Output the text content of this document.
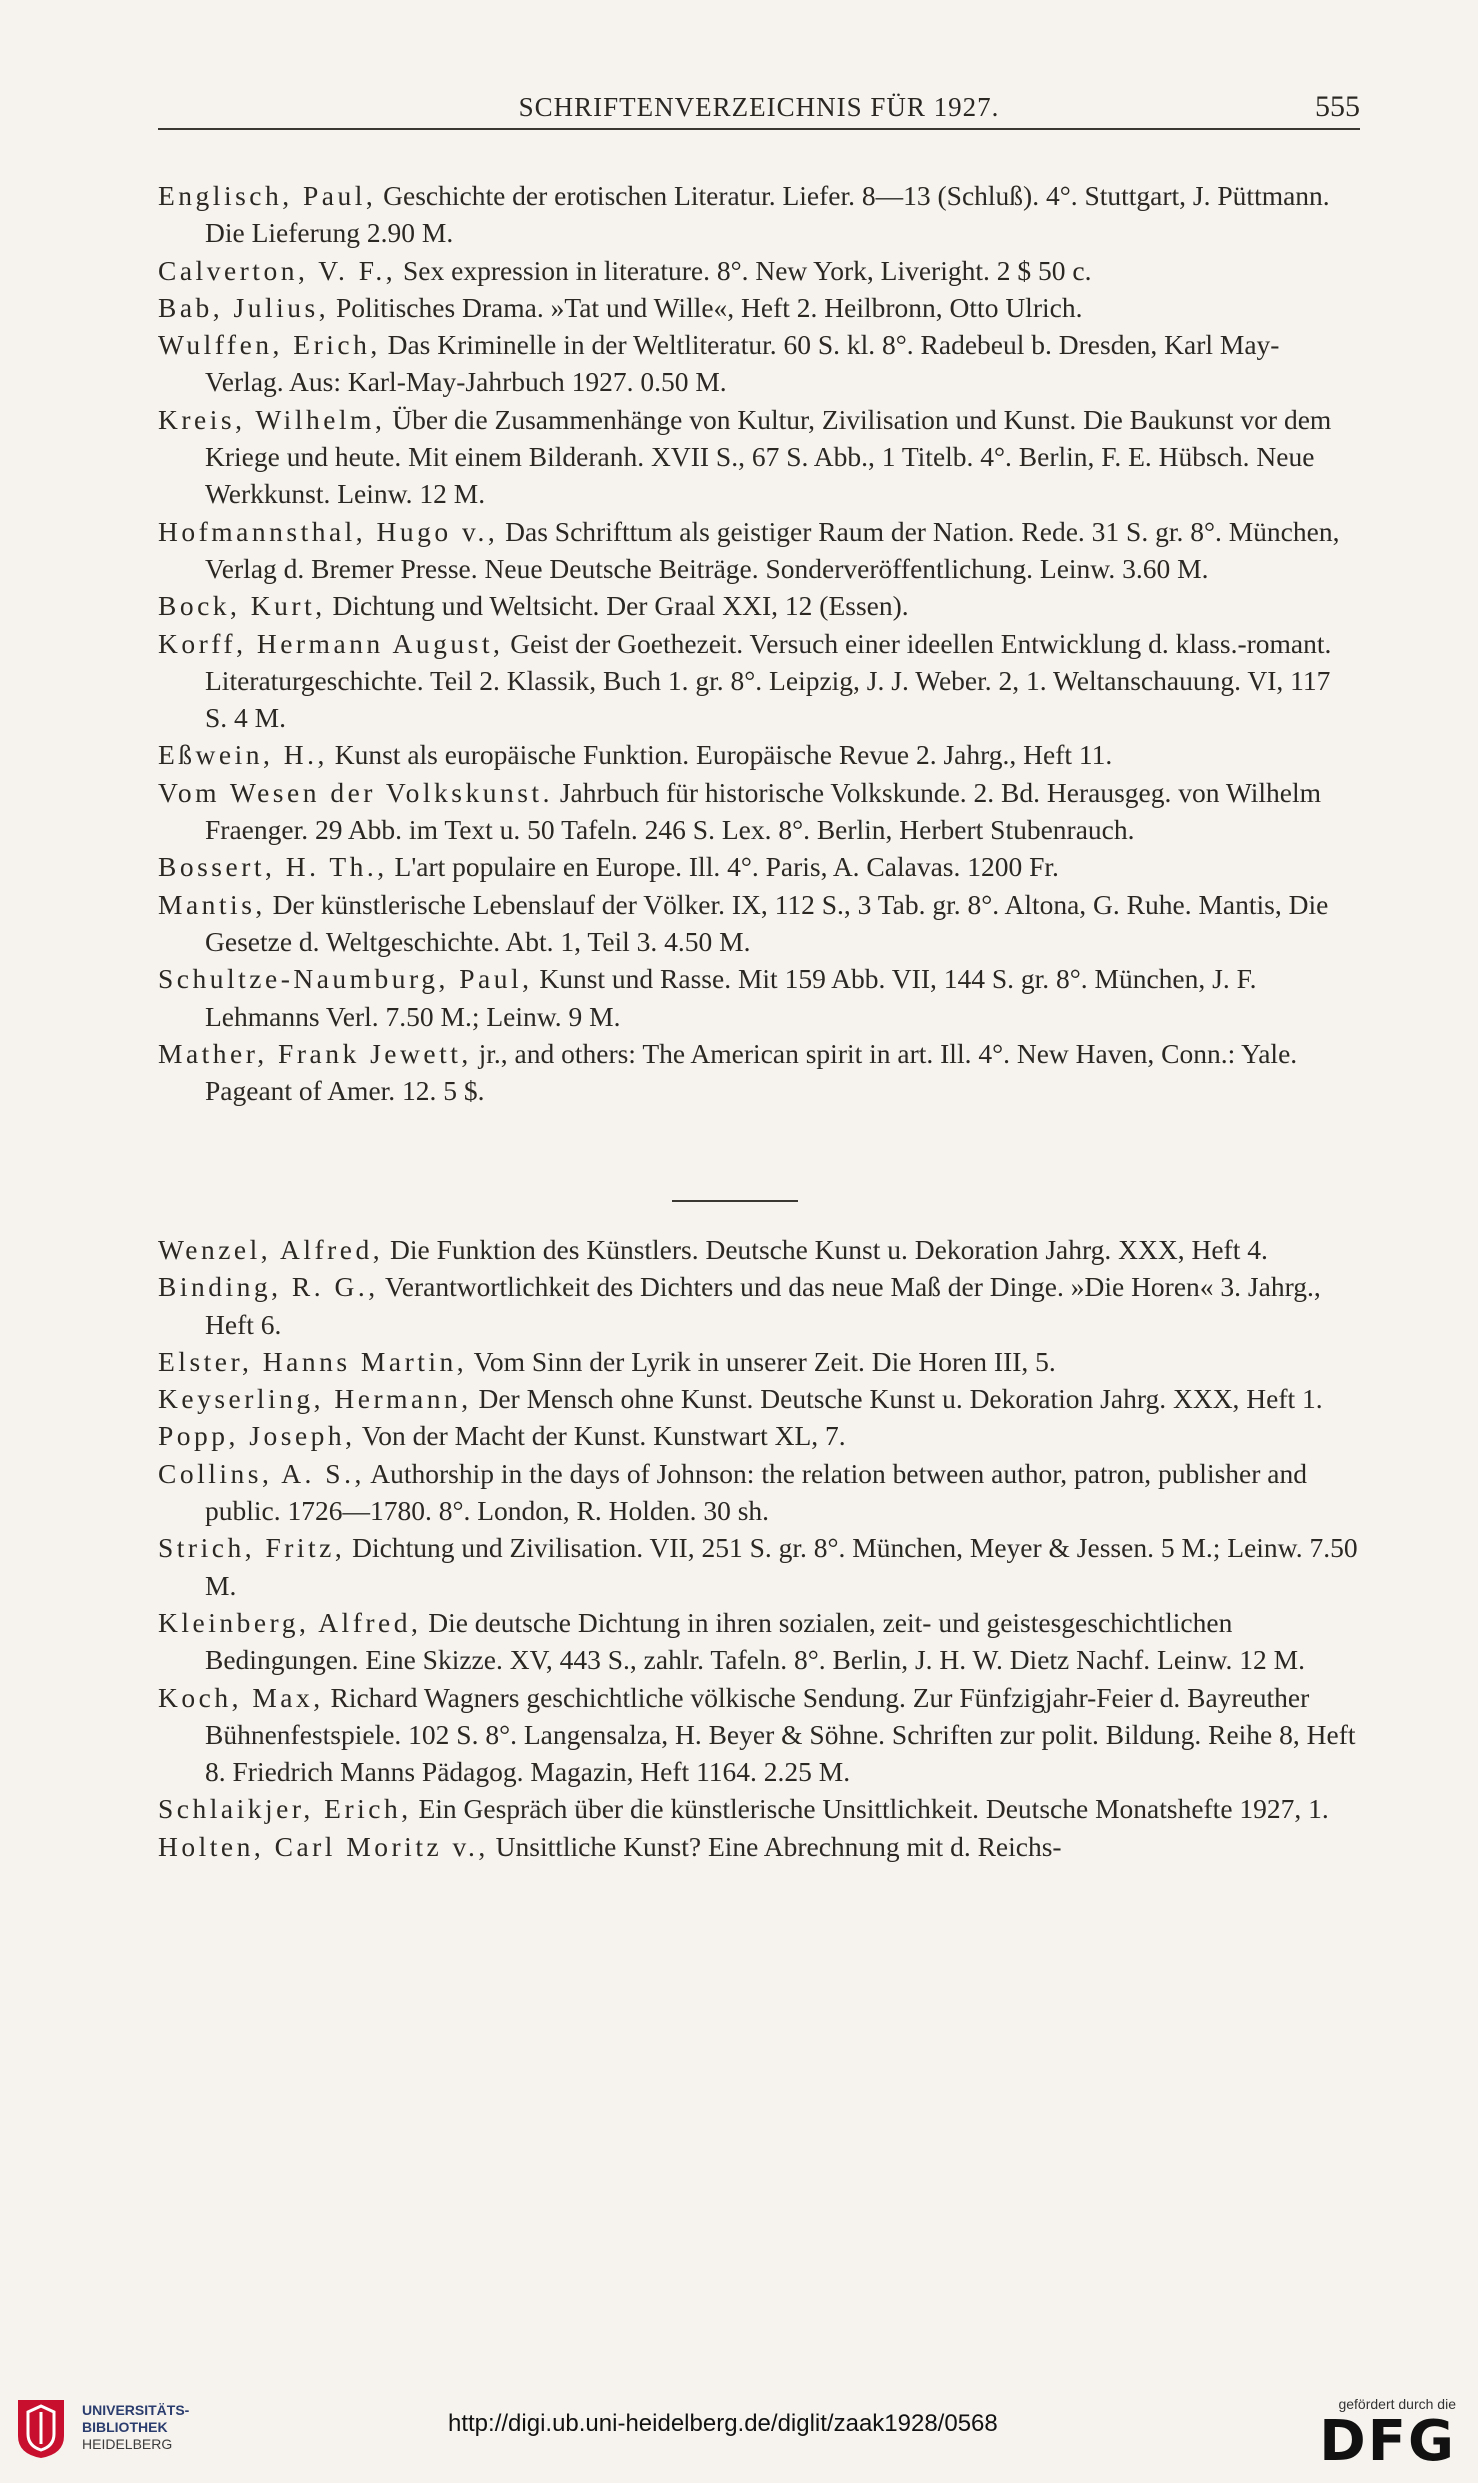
SCHRIFTENVERZEICHNIS FÜR 1927.	555
Englisch, Paul, Geschichte der erotischen Literatur. Liefer. 8—13 (Schluß). 4°. Stuttgart, J. Püttmann. Die Lieferung 2.90 M.
Calverton, V. F., Sex expression in literature. 8°. New York, Liveright. 2 $ 50 c.
Bab, Julius, Politisches Drama. »Tat und Wille«, Heft 2. Heilbronn, Otto Ulrich.
Wulffen, Erich, Das Kriminelle in der Weltliteratur. 60 S. kl. 8°. Radebeul b. Dresden, Karl May-Verlag. Aus: Karl-May-Jahrbuch 1927. 0.50 M.
Kreis, Wilhelm, Über die Zusammenhänge von Kultur, Zivilisation und Kunst. Die Baukunst vor dem Kriege und heute. Mit einem Bilderanh. XVII S., 67 S. Abb., 1 Titelb. 4°. Berlin, F. E. Hübsch. Neue Werkkunst. Leinw. 12 M.
Hofmannsthal, Hugo v., Das Schrifttum als geistiger Raum der Nation. Rede. 31 S. gr. 8°. München, Verlag d. Bremer Presse. Neue Deutsche Beiträge. Sonderveröffentlichung. Leinw. 3.60 M.
Bock, Kurt, Dichtung und Weltsicht. Der Graal XXI, 12 (Essen).
Korff, Hermann August, Geist der Goethezeit. Versuch einer ideellen Entwicklung d. klass.-romant. Literaturgeschichte. Teil 2. Klassik, Buch 1. gr. 8°. Leipzig, J. J. Weber. 2, 1. Weltanschauung. VI, 117 S. 4 M.
Eßwein, H., Kunst als europäische Funktion. Europäische Revue 2. Jahrg., Heft 11.
Vom Wesen der Volkskunst. Jahrbuch für historische Volkskunde. 2. Bd. Herausgeg. von Wilhelm Fraenger. 29 Abb. im Text u. 50 Tafeln. 246 S. Lex. 8°. Berlin, Herbert Stubenrauch.
Bossert, H. Th., L'art populaire en Europe. Ill. 4°. Paris, A. Calavas. 1200 Fr.
Mantis, Der künstlerische Lebenslauf der Völker. IX, 112 S., 3 Tab. gr. 8°. Altona, G. Ruhe. Mantis, Die Gesetze d. Weltgeschichte. Abt. 1, Teil 3. 4.50 M.
Schultze-Naumburg, Paul, Kunst und Rasse. Mit 159 Abb. VII, 144 S. gr. 8°. München, J. F. Lehmanns Verl. 7.50 M.; Leinw. 9 M.
Mather, Frank Jewett, jr., and others: The American spirit in art. Ill. 4°. New Haven, Conn.: Yale. Pageant of Amer. 12. 5 $.
Wenzel, Alfred, Die Funktion des Künstlers. Deutsche Kunst u. Dekoration Jahrg. XXX, Heft 4.
Binding, R. G., Verantwortlichkeit des Dichters und das neue Maß der Dinge. »Die Horen« 3. Jahrg., Heft 6.
Elster, Hanns Martin, Vom Sinn der Lyrik in unserer Zeit. Die Horen III, 5.
Keyserling, Hermann, Der Mensch ohne Kunst. Deutsche Kunst u. Dekoration Jahrg. XXX, Heft 1.
Popp, Joseph, Von der Macht der Kunst. Kunstwart XL, 7.
Collins, A. S., Authorship in the days of Johnson: the relation between author, patron, publisher and public. 1726—1780. 8°. London, R. Holden. 30 sh.
Strich, Fritz, Dichtung und Zivilisation. VII, 251 S. gr. 8°. München, Meyer & Jessen. 5 M.; Leinw. 7.50 M.
Kleinberg, Alfred, Die deutsche Dichtung in ihren sozialen, zeit- und geistesgeschichtlichen Bedingungen. Eine Skizze. XV, 443 S., zahlr. Tafeln. 8°. Berlin, J. H. W. Dietz Nachf. Leinw. 12 M.
Koch, Max, Richard Wagners geschichtliche völkische Sendung. Zur Fünfzigjahr-Feier d. Bayreuther Bühnenfestspiele. 102 S. 8°. Langensalza, H. Beyer & Söhne. Schriften zur polit. Bildung. Reihe 8, Heft 8. Friedrich Manns Pädagog. Magazin, Heft 1164. 2.25 M.
Schlaikjer, Erich, Ein Gespräch über die künstlerische Unsittlichkeit. Deutsche Monatshefte 1927, 1.
Holten, Carl Moritz v., Unsittliche Kunst? Eine Abrechnung mit d. Reichs-
UNIVERSITÄTS-
BIBLIOTHEK
HEIDELBERG
http://digi.ub.uni-heidelberg.de/diglit/zaak1928/0568
gefördert durch die
DFG
